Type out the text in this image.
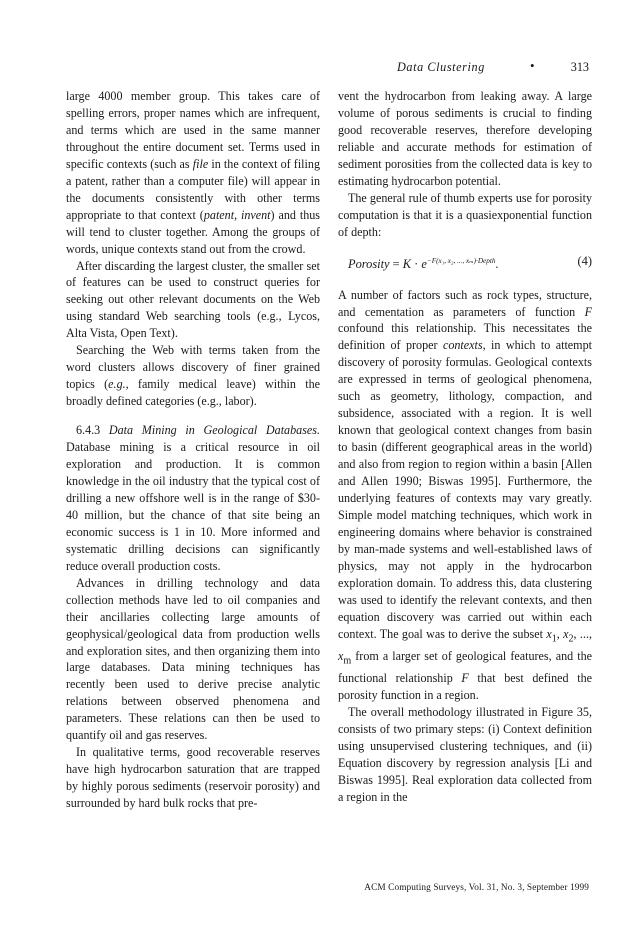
Data Clustering	•	313

large 4000 member group. This takes care of spelling errors, proper names which are infrequent, and terms which are used in the same manner throughout the entire document set. Terms used in specific contexts (such as file in the context of filing a patent, rather than a computer file) will appear in the documents consistently with other terms appropriate to that context (patent, invent) and thus will tend to cluster together. Among the groups of words, unique contexts stand out from the crowd.

After discarding the largest cluster, the smaller set of features can be used to construct queries for seeking out other relevant documents on the Web using standard Web searching tools (e.g., Lycos, Alta Vista, Open Text).

Searching the Web with terms taken from the word clusters allows discovery of finer grained topics (e.g., family medical leave) within the broadly defined categories (e.g., labor).

6.4.3 Data Mining in Geological Databases. Database mining is a critical resource in oil exploration and production. It is common knowledge in the oil industry that the typical cost of drilling a new offshore well is in the range of $30-40 million, but the chance of that site being an economic success is 1 in 10. More informed and systematic drilling decisions can significantly reduce overall production costs.

Advances in drilling technology and data collection methods have led to oil companies and their ancillaries collecting large amounts of geophysical/geological data from production wells and exploration sites, and then organizing them into large databases. Data mining techniques has recently been used to derive precise analytic relations between observed phenomena and parameters. These relations can then be used to quantify oil and gas reserves.

In qualitative terms, good recoverable reserves have high hydrocarbon saturation that are trapped by highly porous sediments (reservoir porosity) and surrounded by hard bulk rocks that pre-

vent the hydrocarbon from leaking away. A large volume of porous sediments is crucial to finding good recoverable reserves, therefore developing reliable and accurate methods for estimation of sediment porosities from the collected data is key to estimating hydrocarbon potential.

The general rule of thumb experts use for porosity computation is that it is a quasiexponential function of depth:

Porosity = $K \cdot e^{-F(x_1, x_2, ..., x_m)\cdot Depth}$.	(4)

A number of factors such as rock types, structure, and cementation as parameters of function F confound this relationship. This necessitates the definition of proper contexts, in which to attempt discovery of porosity formulas. Geological contexts are expressed in terms of geological phenomena, such as geometry, lithology, compaction, and subsidence, associated with a region. It is well known that geological context changes from basin to basin (different geographical areas in the world) and also from region to region within a basin [Allen and Allen 1990; Biswas 1995]. Furthermore, the underlying features of contexts may vary greatly. Simple model matching techniques, which work in engineering domains where behavior is constrained by man-made systems and well-established laws of physics, may not apply in the hydrocarbon exploration domain. To address this, data clustering was used to identify the relevant contexts, and then equation discovery was carried out within each context. The goal was to derive the subset $x_1$, $x_2$, ..., $x_m$ from a larger set of geological features, and the functional relationship F that best defined the porosity function in a region.

The overall methodology illustrated in Figure 35, consists of two primary steps: (i) Context definition using unsupervised clustering techniques, and (ii) Equation discovery by regression analysis [Li and Biswas 1995]. Real exploration data collected from a region in the

ACM Computing Surveys, Vol. 31, No. 3, September 1999
